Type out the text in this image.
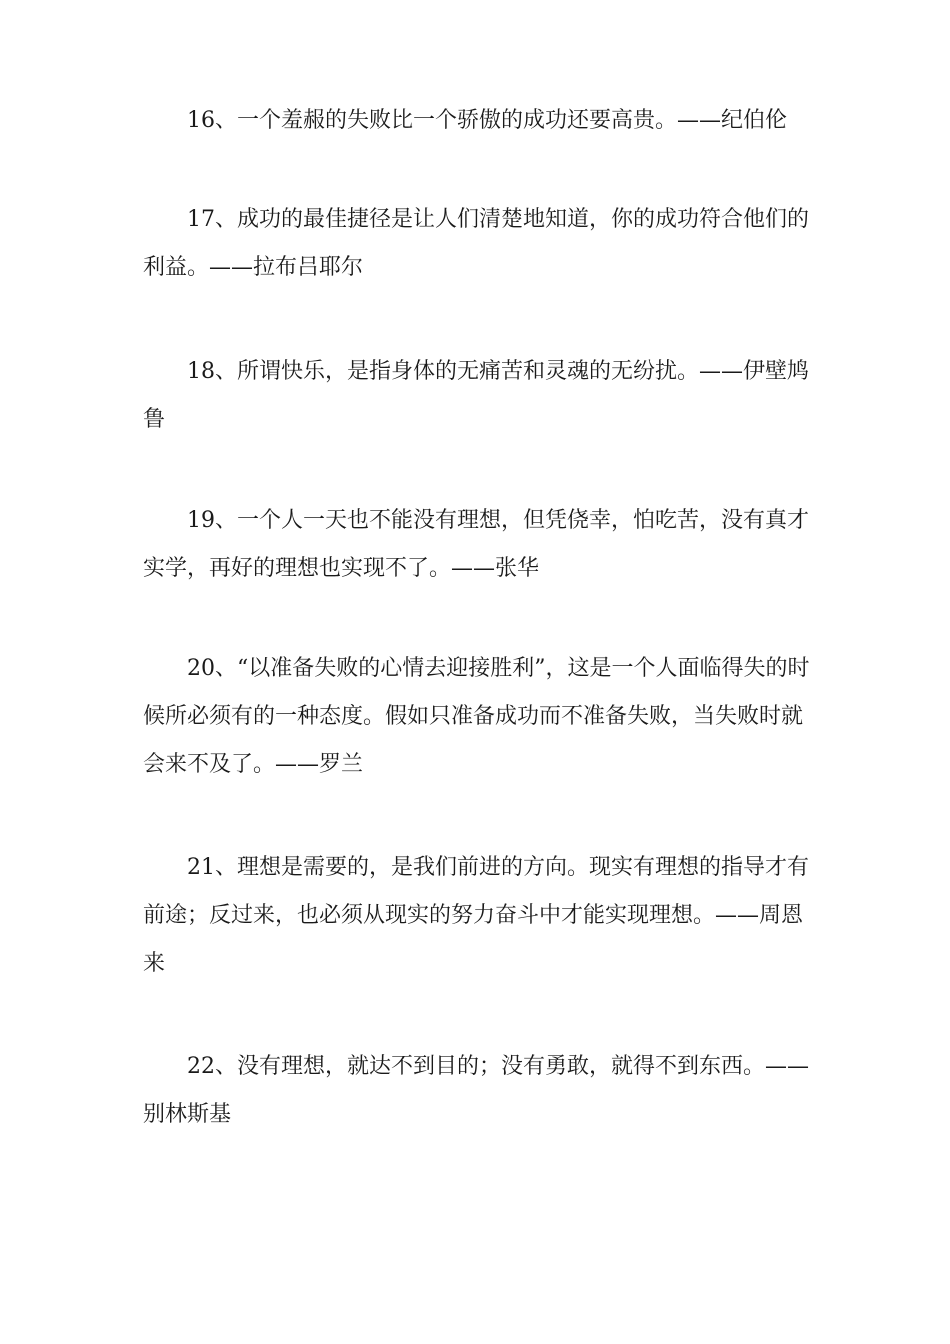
16、一个羞赧的失败比一个骄傲的成功还要高贵。——纪伯伦

17、成功的最佳捷径是让人们清楚地知道，你的成功符合他们的利益。——拉布吕耶尔

18、所谓快乐，是指身体的无痛苦和灵魂的无纷扰。——伊壁鸠鲁

19、一个人一天也不能没有理想，但凭侥幸，怕吃苦，没有真才实学，再好的理想也实现不了。——张华

20、“以准备失败的心情去迎接胜利”，这是一个人面临得失的时候所必须有的一种态度。假如只准备成功而不准备失败，当失败时就会来不及了。——罗兰

21、理想是需要的，是我们前进的方向。现实有理想的指导才有前途；反过来，也必须从现实的努力奋斗中才能实现理想。——周恩来

22、没有理想，就达不到目的；没有勇敢，就得不到东西。——别林斯基
